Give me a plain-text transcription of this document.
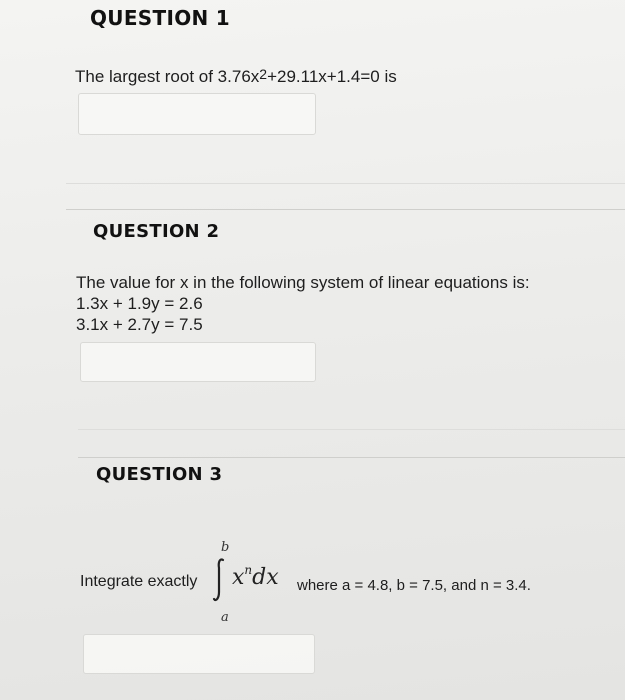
QUESTION 1
The largest root of $3.76x^2+29.11x+1.4=0$ is
QUESTION 2
The value for x in the following system of linear equations is:
1.3x + 1.9y = 2.6
3.1x + 2.7y = 7.5
QUESTION 3
Integrate exactly
b
$x^ndx$
a
where a = 4.8, b = 7.5, and n = 3.4.
